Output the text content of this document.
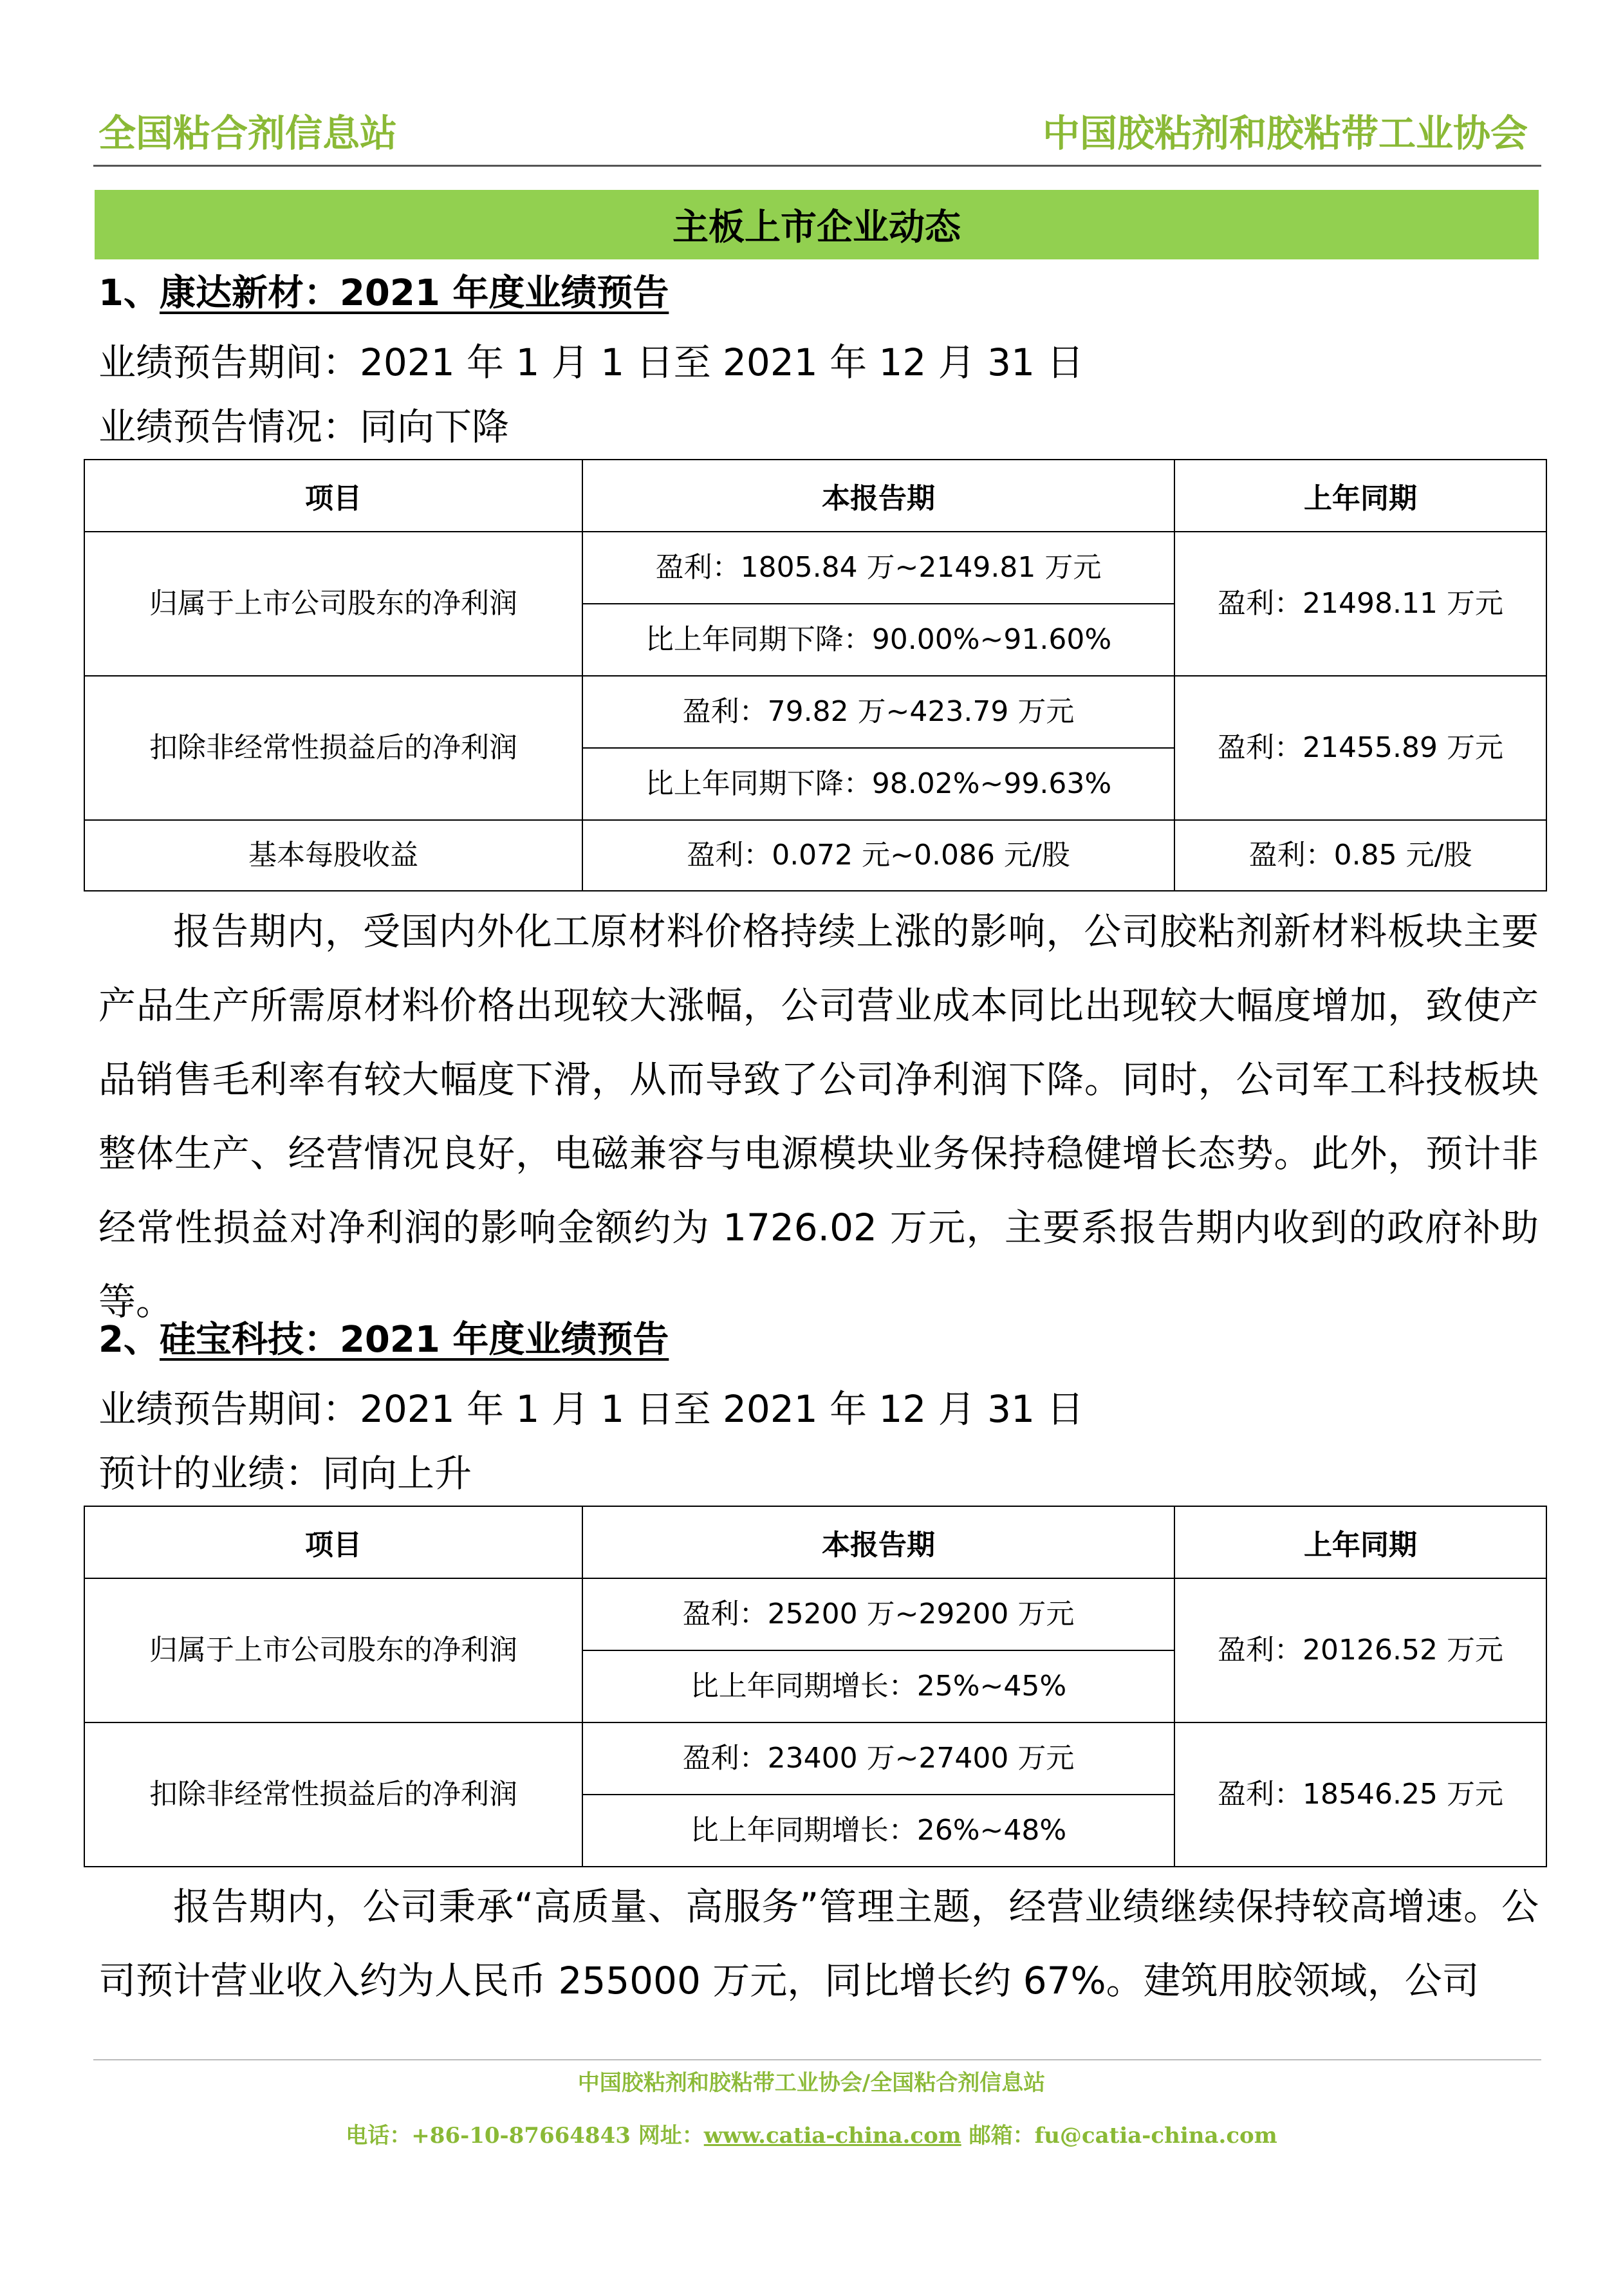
全国粘合剂信息站	中国胶粘剂和胶粘带工业协会
主板上市企业动态
1、康达新材：2021 年度业绩预告
业绩预告期间：2021 年 1 月 1 日至 2021 年 12 月 31 日
业绩预告情况：同向下降
项目	本报告期	上年同期
归属于上市公司股东的净利润	盈利：1805.84 万~2149.81 万元	盈利：21498.11 万元
	比上年同期下降：90.00%~91.60%	
扣除非经常性损益后的净利润	盈利：79.82 万~423.79 万元	盈利：21455.89 万元
	比上年同期下降：98.02%~99.63%	
基本每股收益	盈利：0.072 元~0.086 元/股	盈利：0.85 元/股

报告期内，受国内外化工原材料价格持续上涨的影响，公司胶粘剂新材料板块主要产品生产所需原材料价格出现较大涨幅，公司营业成本同比出现较大幅度增加，致使产品销售毛利率有较大幅度下滑，从而导致了公司净利润下降。同时，公司军工科技板块整体生产、经营情况良好，电磁兼容与电源模块业务保持稳健增长态势。此外，预计非经常性损益对净利润的影响金额约为 1726.02 万元，主要系报告期内收到的政府补助等。

2、硅宝科技：2021 年度业绩预告
业绩预告期间：2021 年 1 月 1 日至 2021 年 12 月 31 日
预计的业绩：同向上升
项目	本报告期	上年同期
归属于上市公司股东的净利润	盈利：25200 万~29200 万元	盈利：20126.52 万元
	比上年同期增长：25%~45%	
扣除非经常性损益后的净利润	盈利：23400 万~27400 万元	盈利：18546.25 万元
	比上年同期增长：26%~48%	

报告期内，公司秉承“高质量、高服务”管理主题，经营业绩继续保持较高增速。公司预计营业收入约为人民币 255000 万元，同比增长约 67%。建筑用胶领域，公司

中国胶粘剂和胶粘带工业协会/全国粘合剂信息站
电话：+86-10-87664843 网址：www.catia-china.com 邮箱：fu@catia-china.com
